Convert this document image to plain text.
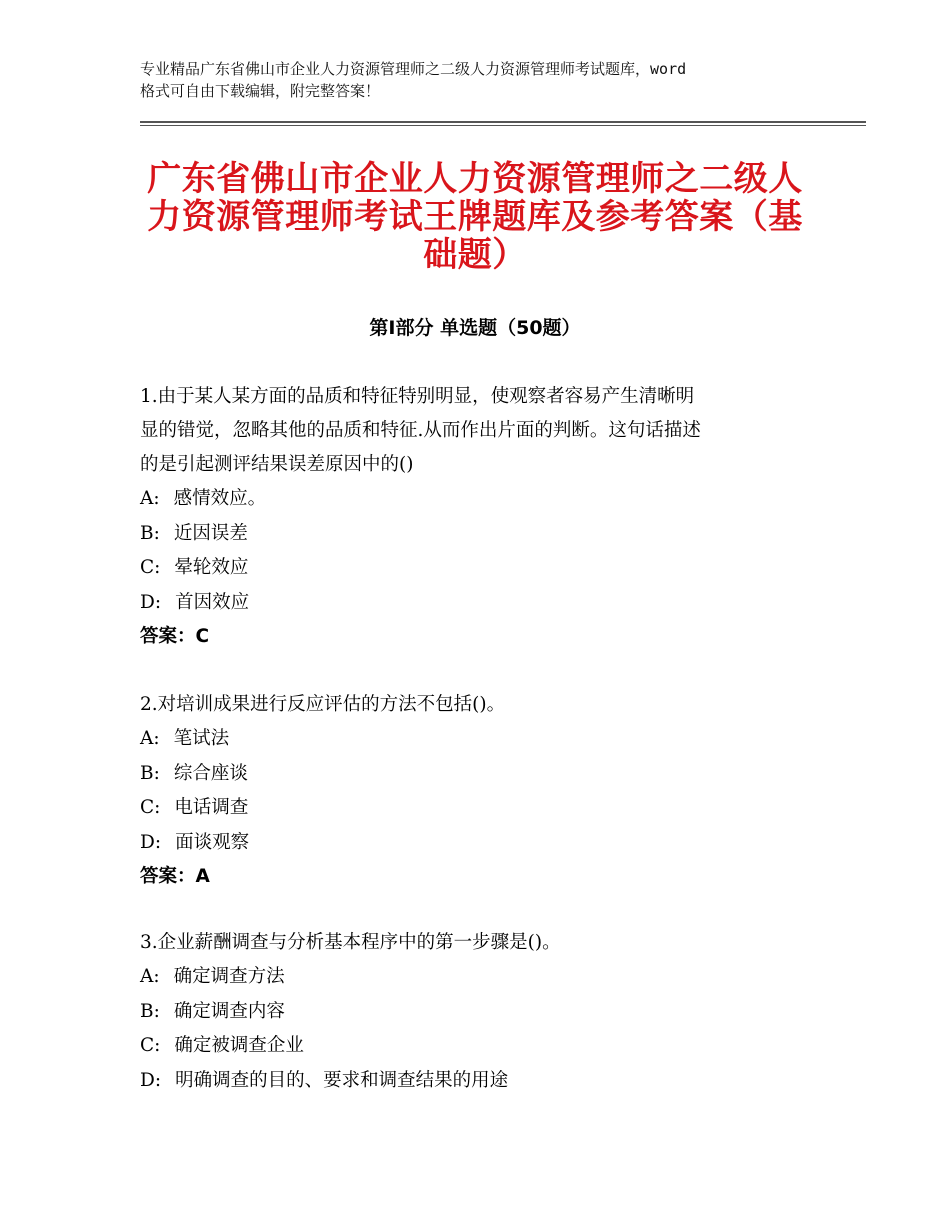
专业精品广东省佛山市企业人力资源管理师之二级人力资源管理师考试题库，word
格式可自由下载编辑，附完整答案！
广东省佛山市企业人力资源管理师之二级人
力资源管理师考试王牌题库及参考答案（基
础题）
第Ⅰ部分 单选题（50题）

1.由于某人某方面的品质和特征特别明显，使观察者容易产生清晰明

显的错觉，忽略其他的品质和特征.从而作出片面的判断。这句话描述

的是引起测评结果误差原因中的()

A: 感情效应。

B: 近因误差

C: 晕轮效应

D: 首因效应

答案：C

2.对培训成果进行反应评估的方法不包括()。

A: 笔试法

B: 综合座谈

C: 电话调查

D: 面谈观察

答案：A

3.企业薪酬调查与分析基本程序中的第一步骤是()。

A: 确定调查方法

B: 确定调查内容

C: 确定被调查企业

D: 明确调查的目的、要求和调查结果的用途
